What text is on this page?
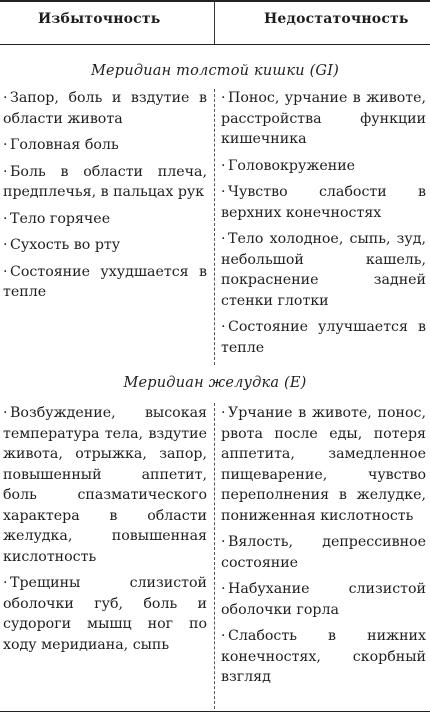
Избыточность	Недостаточность
Меридиан толстой кишки (GI)
· Запор, боль и вздутие в области живота
· Головная боль
· Боль в области плеча, предплечья, в пальцах рук
· Тело горячее
· Сухость во рту
· Состояние ухудшается в тепле
· Понос, урчание в животе, расстройства функции кишечника
· Головокружение
· Чувство слабости в верхних конечностях
· Тело холодное, сыпь, зуд, небольшой кашель, покраснение задней стенки глотки
· Состояние улучшается в тепле
Меридиан желудка (E)
· Возбуждение, высокая температура тела, вздутие живота, отрыжка, запор, повышенный аппетит, боль спазматического характера в области желудка, повышенная кислотность
· Трещины слизистой оболочки губ, боль и судороги мышц ног по ходу меридиана, сыпь
· Урчание в животе, понос, рвота после еды, потеря аппетита, замедленное пищеварение, чувство переполнения в желудке, пониженная кислотность
· Вялость, депрессивное состояние
· Набухание слизистой оболочки горла
· Слабость в нижних конечностях, скорбный взгляд
